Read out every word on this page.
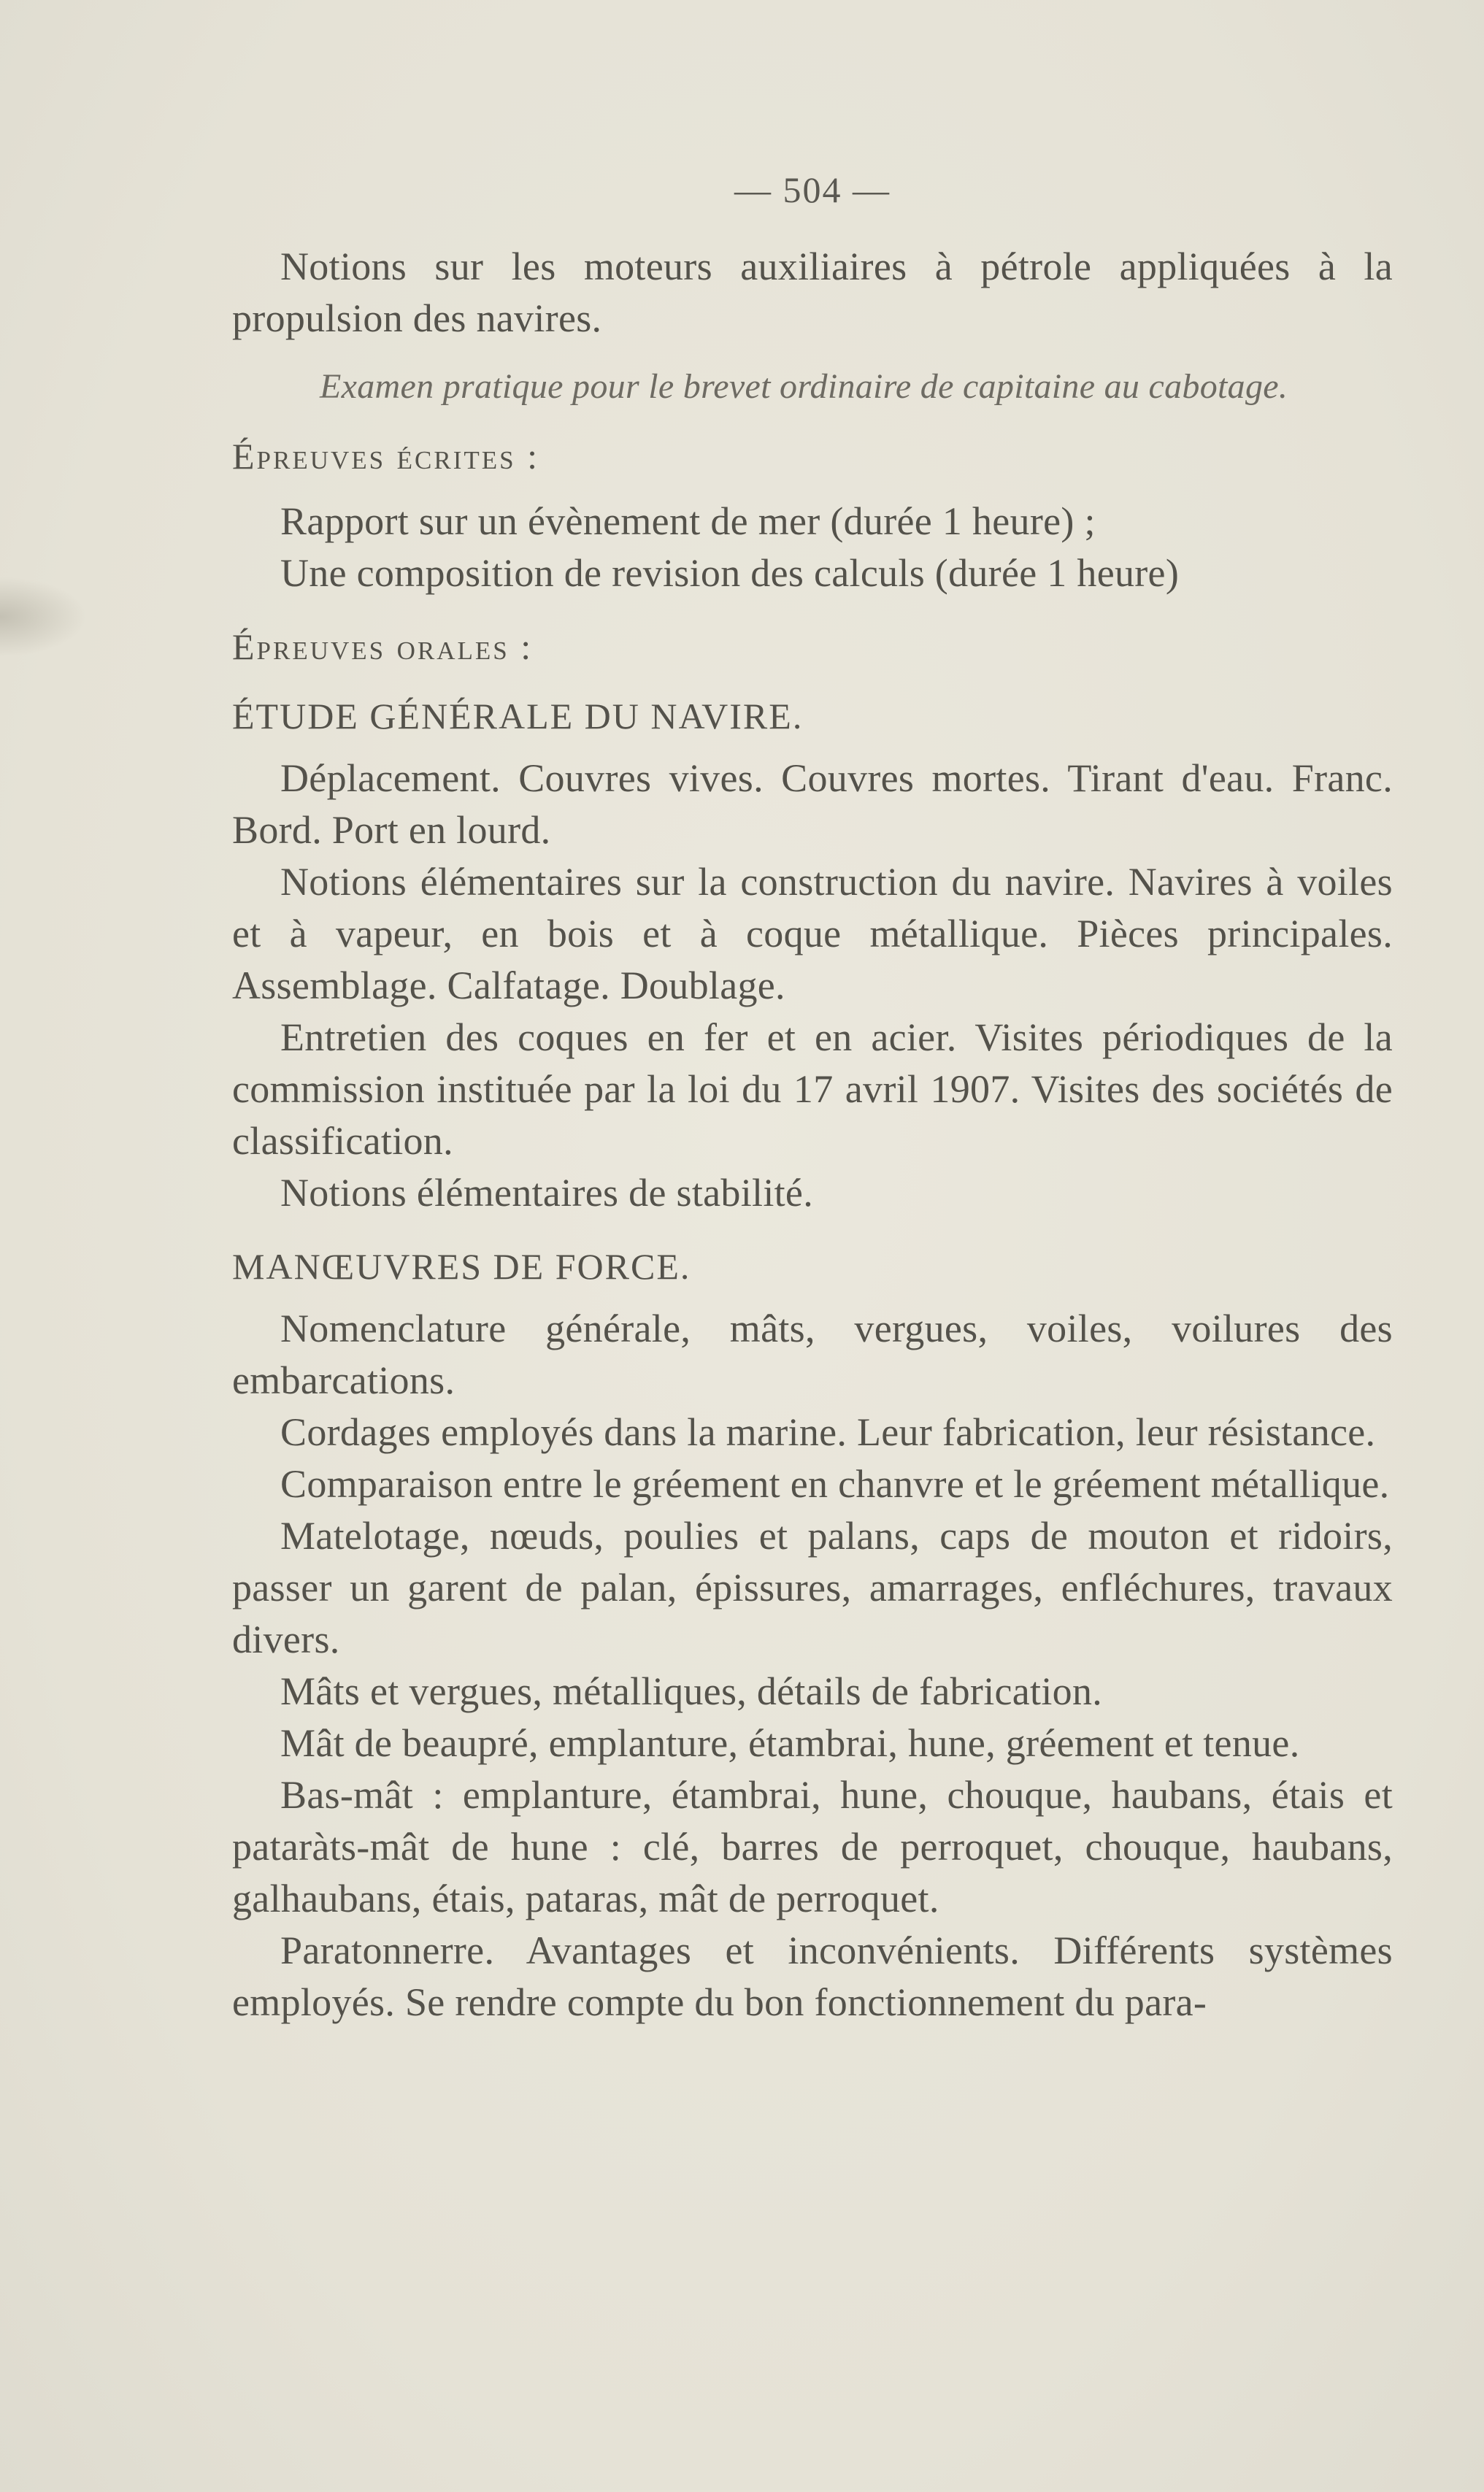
— 504 —

Notions sur les moteurs auxiliaires à pétrole appliquées à la propulsion des navires.

Examen pratique pour le brevet ordinaire de capitaine au cabotage.

Épreuves écrites :

Rapport sur un évènement de mer (durée 1 heure) ;

Une composition de revision des calculs (durée 1 heure)

Épreuves orales :

ÉTUDE GÉNÉRALE DU NAVIRE.

Déplacement. Couvres vives. Couvres mortes. Tirant d'eau. Franc. Bord. Port en lourd.

Notions élémentaires sur la construction du navire. Navires à voiles et à vapeur, en bois et à coque métallique. Pièces principales. Assemblage. Calfatage. Doublage.

Entretien des coques en fer et en acier. Visites périodiques de la commission instituée par la loi du 17 avril 1907. Visites des sociétés de classification.

Notions élémentaires de stabilité.

MANŒUVRES DE FORCE.

Nomenclature générale, mâts, vergues, voiles, voilures des embarcations.

Cordages employés dans la marine. Leur fabrication, leur résistance.

Comparaison entre le gréement en chanvre et le gréement métallique.

Matelotage, nœuds, poulies et palans, caps de mouton et ridoirs, passer un garent de palan, épissures, amarrages, enfléchures, travaux divers.

Mâts et vergues, métalliques, détails de fabrication.

Mât de beaupré, emplanture, étambrai, hune, gréement et tenue.

Bas-mât : emplanture, étambrai, hune, chouque, haubans, étais et pataràts-mât de hune : clé, barres de perroquet, chouque, haubans, galhaubans, étais, pataras, mât de perroquet.

Paratonnerre. Avantages et inconvénients. Différents systèmes employés. Se rendre compte du bon fonctionnement du para-
